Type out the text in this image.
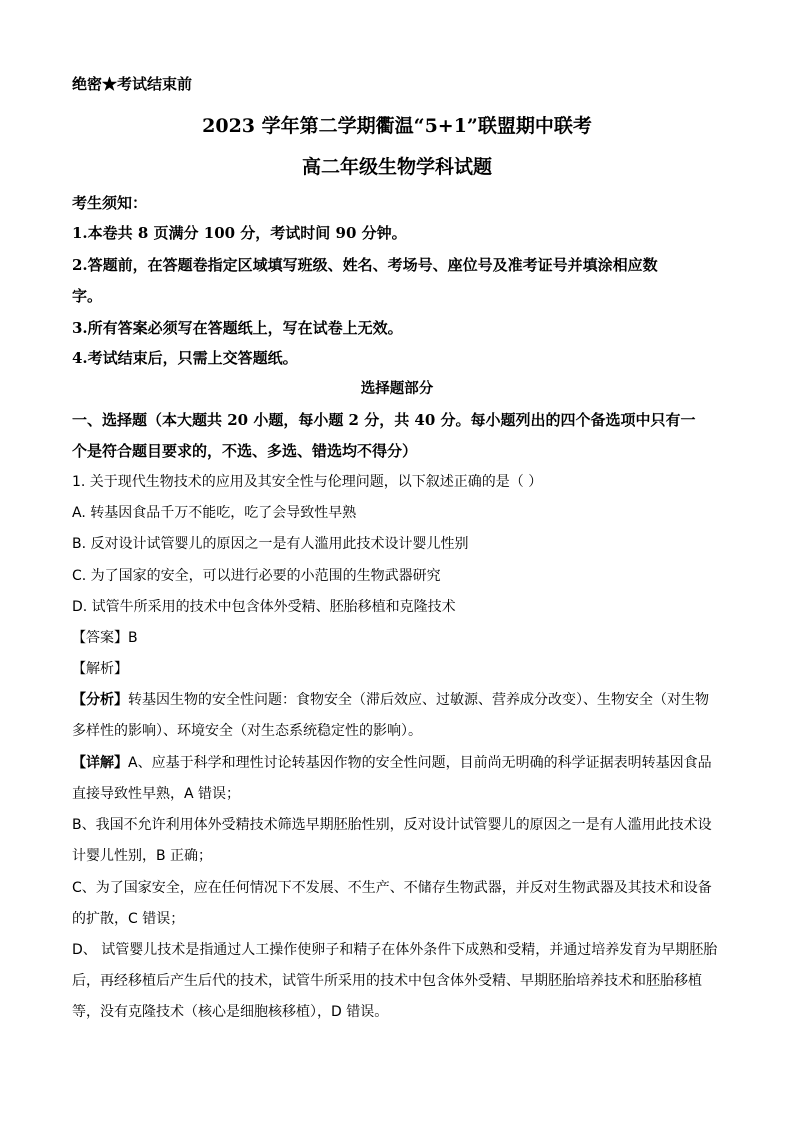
绝密★考试结束前
2023 学年第二学期衢温“5+1”联盟期中联考
高二年级生物学科试题
考生须知：
1.本卷共 8 页满分 100 分，考试时间 90 分钟。
2.答题前，在答题卷指定区域填写班级、姓名、考场号、座位号及准考证号并填涂相应数
字。
3.所有答案必须写在答题纸上，写在试卷上无效。
4.考试结束后，只需上交答题纸。
选择题部分
一、选择题（本大题共 20 小题，每小题 2 分，共 40 分。每小题列出的四个备选项中只有一
个是符合题目要求的，不选、多选、错选均不得分）
1. 关于现代生物技术的应用及其安全性与伦理问题，以下叙述正确的是（ ）
A. 转基因食品千万不能吃，吃了会导致性早熟
B. 反对设计试管婴儿的原因之一是有人滥用此技术设计婴儿性别
C. 为了国家的安全，可以进行必要的小范围的生物武器研究
D. 试管牛所采用的技术中包含体外受精、胚胎移植和克隆技术
【答案】B
【解析】
【分析】转基因生物的安全性问题：食物安全（滞后效应、过敏源、营养成分改变）、生物安全（对生物
多样性的影响）、环境安全（对生态系统稳定性的影响）。
【详解】A、应基于科学和理性讨论转基因作物的安全性问题，目前尚无明确的科学证据表明转基因食品
直接导致性早熟，A 错误；
B、我国不允许利用体外受精技术筛选早期胚胎性别，反对设计试管婴儿的原因之一是有人滥用此技术设
计婴儿性别，B 正确；
C、为了国家安全，应在任何情况下不发展、不生产、不储存生物武器，并反对生物武器及其技术和设备
的扩散，C 错误；
D、 试管婴儿技术是指通过人工操作使卵子和精子在体外条件下成熟和受精，并通过培养发育为早期胚胎
后，再经移植后产生后代的技术，试管牛所采用的技术中包含体外受精、早期胚胎培养技术和胚胎移植
等，没有克隆技术（核心是细胞核移植），D 错误。
